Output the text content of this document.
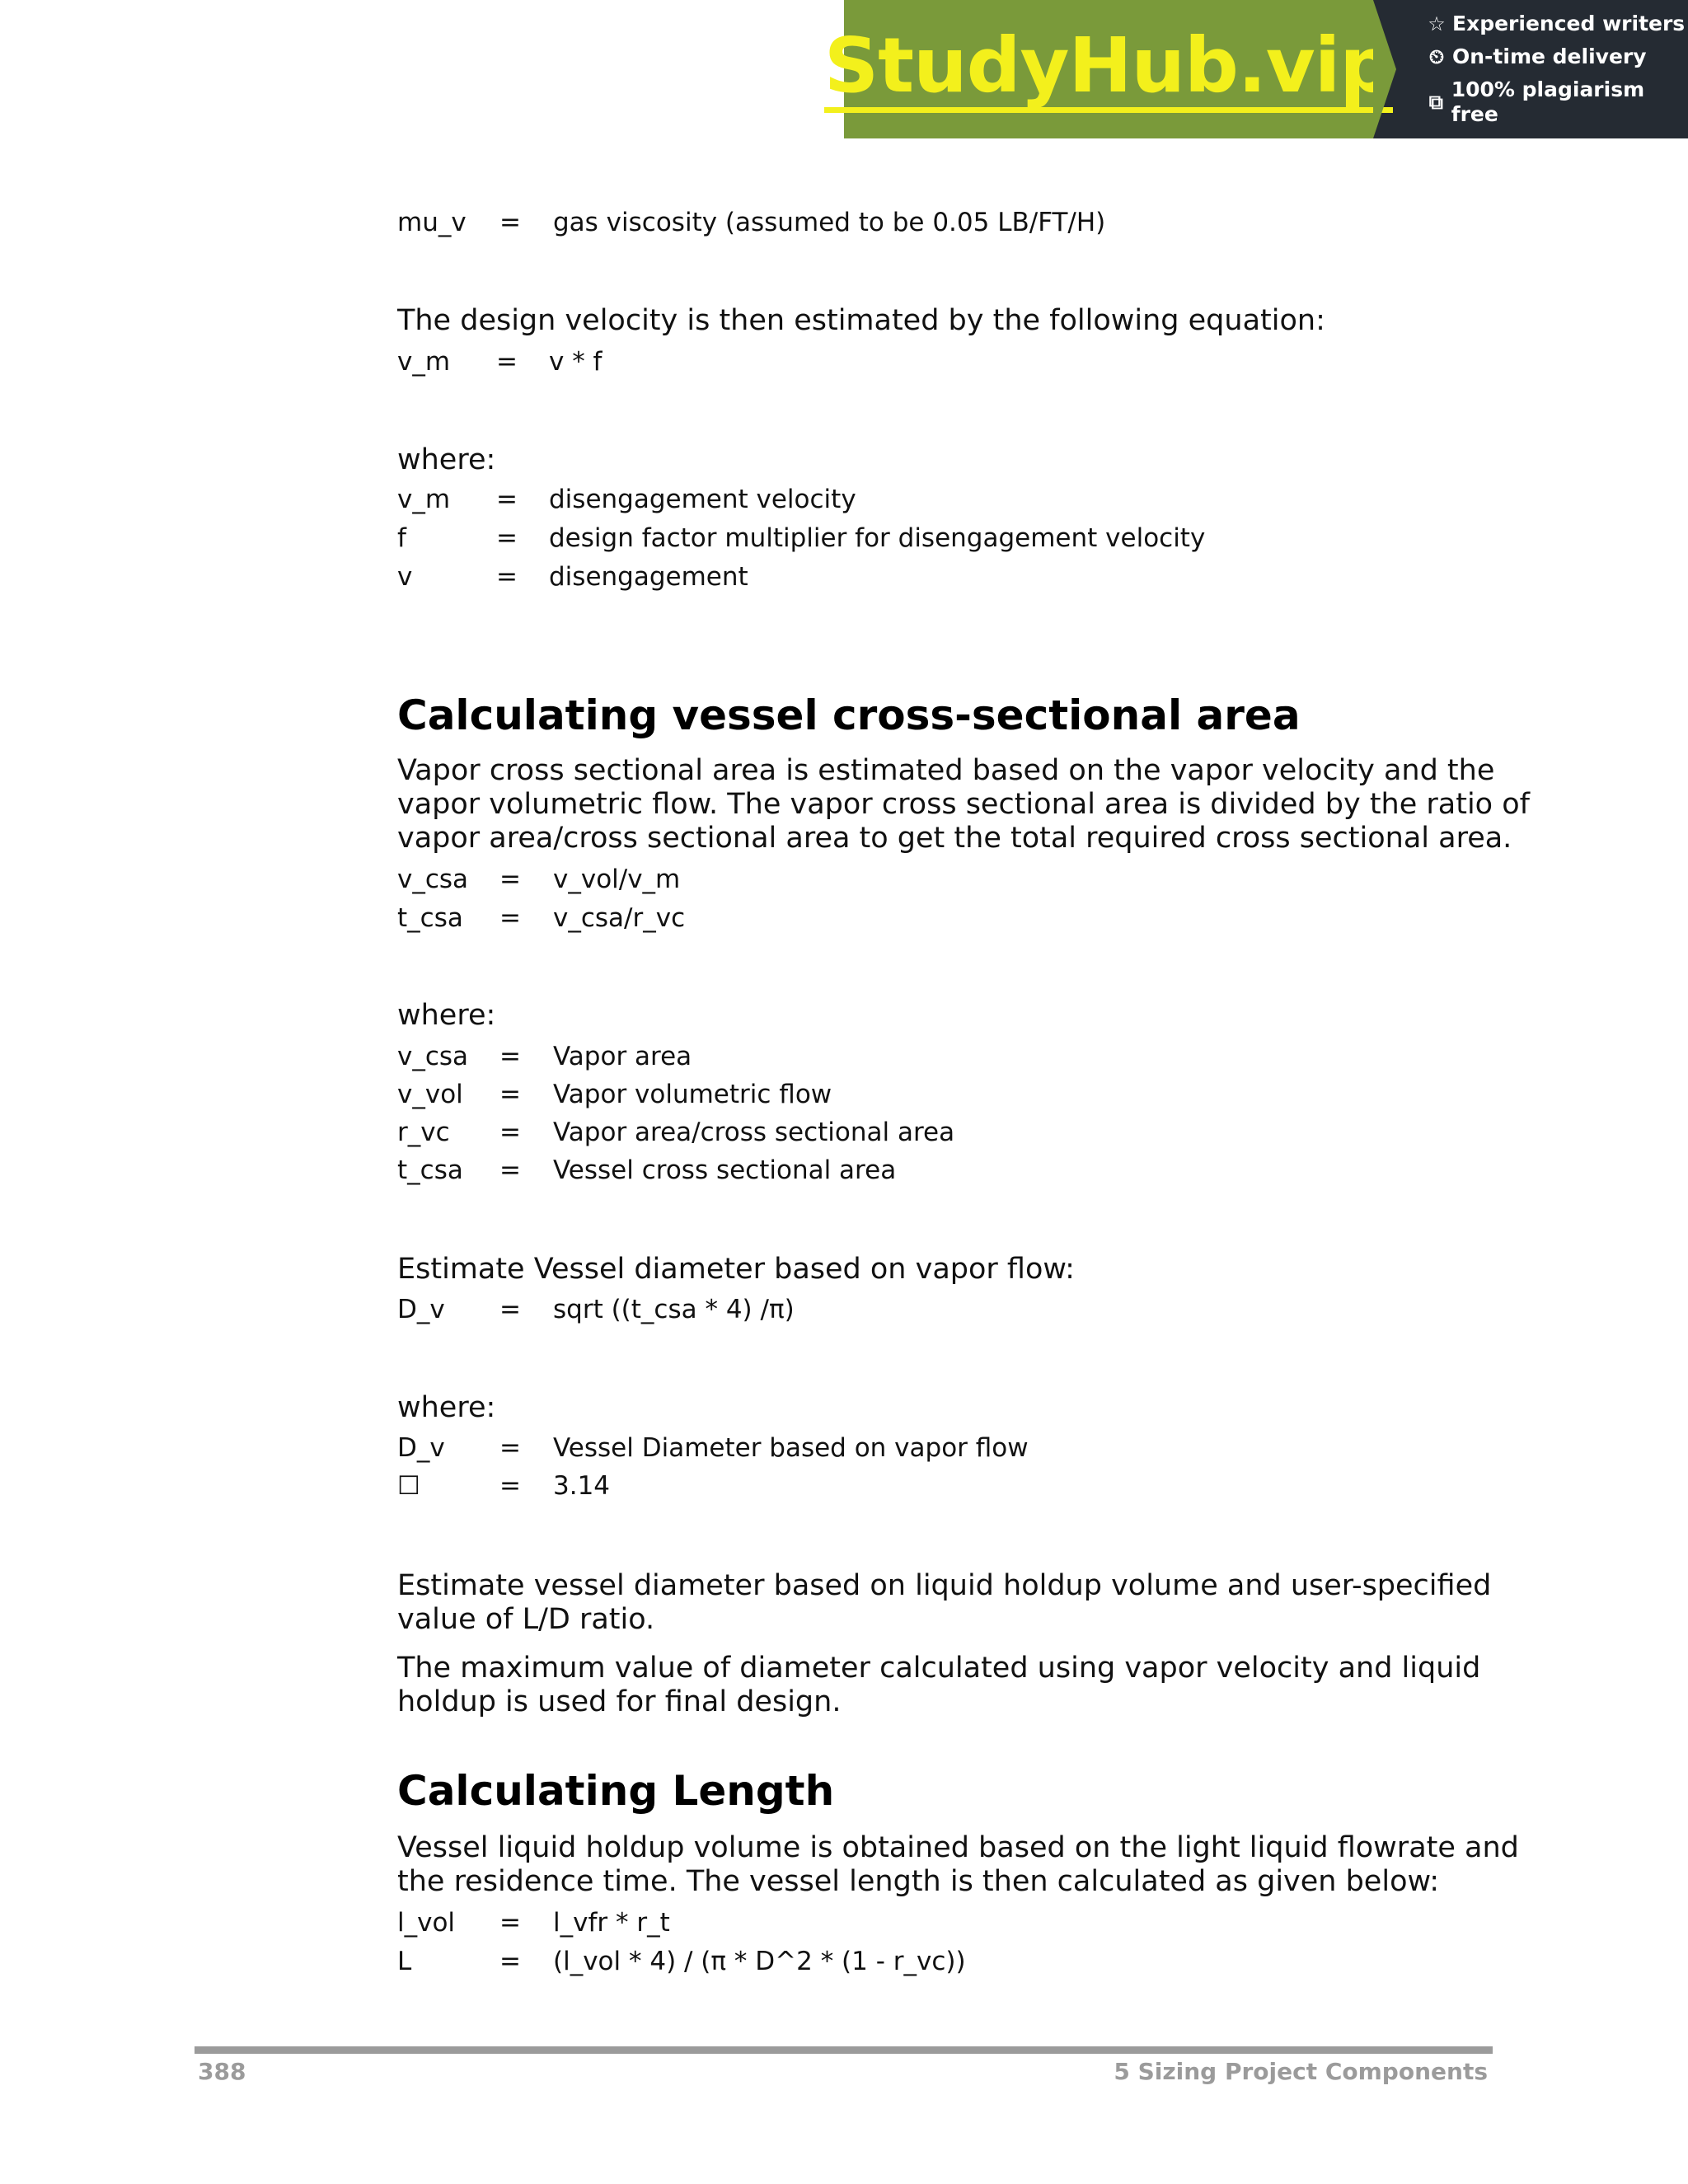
StudyHub.vip ☆ Experienced writers
⏲ On-time delivery
⧉
100% plagiarism free
mu_v = gas viscosity (assumed to be 0.05 LB/FT/H)
The design velocity is then estimated by the following equation:
v_m = v * f
where:
v_m = disengagement velocity
f	= design factor multiplier for disengagement velocity
v	= disengagement
Calculating vessel cross-sectional area
Vapor cross sectional area is estimated based on the vapor velocity and the
vapor volumetric flow. The vapor cross sectional area is divided by the ratio of
vapor area/cross sectional area to get the total required cross sectional area.
v_csa = v_vol/v_m
t_csa = v_csa/r_vc
where:
v_csa = Vapor area
v_vol = Vapor volumetric flow
r_vc = Vapor area/cross sectional area
t_csa = Vessel cross sectional area
Estimate Vessel diameter based on vapor flow:
D_v = sqrt ((t_csa * 4) /π)
where:
D_v = Vessel Diameter based on vapor flow
☐	= 3.14
Estimate vessel diameter based on liquid holdup volume and user-specified
value of L/D ratio.
The maximum value of diameter calculated using vapor velocity and liquid
holdup is used for final design.
Calculating Length
Vessel liquid holdup volume is obtained based on the light liquid flowrate and
the residence time. The vessel length is then calculated as given below:
l_vol = l_vfr * r_t
L	= (l_vol * 4) / (π * D^2 * (1 - r_vc))
388	5 Sizing Project Components
